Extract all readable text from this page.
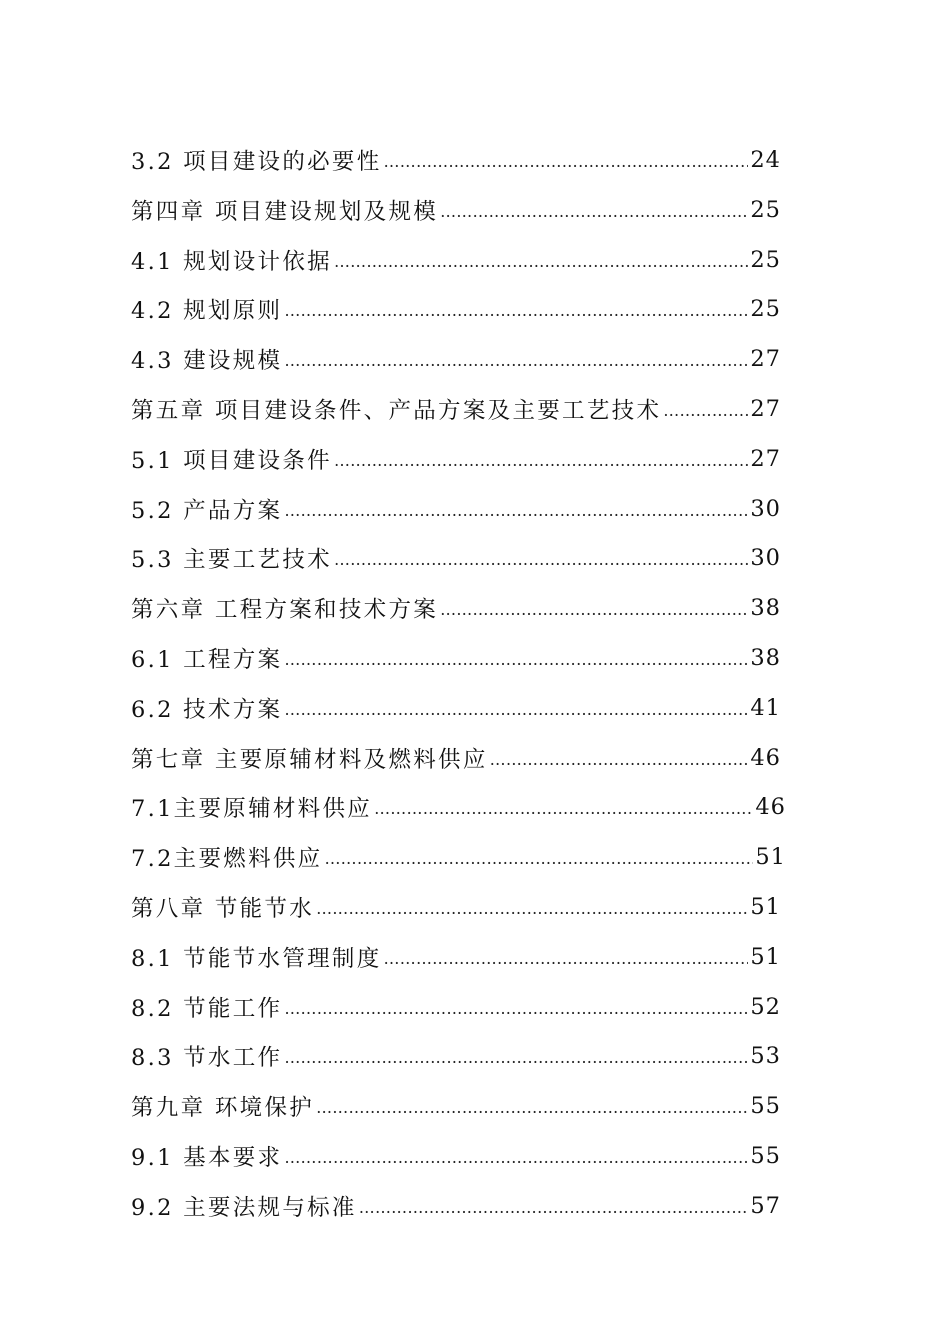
3.2 项目建设的必要性 …………………………………………………………………………………………………………………………………………………………………………	24
第四章 项目建设规划及规模 …………………………………………………………………………………………………………………………………………………………………………	25
4.1 规划设计依据 …………………………………………………………………………………………………………………………………………………………………………	25
4.2 规划原则 …………………………………………………………………………………………………………………………………………………………………………	25
4.3 建设规模 …………………………………………………………………………………………………………………………………………………………………………	27
第五章 项目建设条件、产品方案及主要工艺技术 …………………………………………………………………………………………………………………………………………………………………………	27
5.1 项目建设条件 …………………………………………………………………………………………………………………………………………………………………………	27
5.2 产品方案 …………………………………………………………………………………………………………………………………………………………………………	30
5.3 主要工艺技术 …………………………………………………………………………………………………………………………………………………………………………	30
第六章 工程方案和技术方案 …………………………………………………………………………………………………………………………………………………………………………	38
6.1 工程方案 …………………………………………………………………………………………………………………………………………………………………………	38
6.2 技术方案 …………………………………………………………………………………………………………………………………………………………………………	41
第七章 主要原辅材料及燃料供应 …………………………………………………………………………………………………………………………………………………………………………	46
7.1主要原辅材料供应 …………………………………………………………………………………………………………………………………………………………………………	46
7.2主要燃料供应 …………………………………………………………………………………………………………………………………………………………………………	51
第八章 节能节水 …………………………………………………………………………………………………………………………………………………………………………	51
8.1 节能节水管理制度 …………………………………………………………………………………………………………………………………………………………………………	51
8.2 节能工作 …………………………………………………………………………………………………………………………………………………………………………	52
8.3 节水工作 …………………………………………………………………………………………………………………………………………………………………………	53
第九章 环境保护 …………………………………………………………………………………………………………………………………………………………………………	55
9.1 基本要求 …………………………………………………………………………………………………………………………………………………………………………	55
9.2 主要法规与标准 …………………………………………………………………………………………………………………………………………………………………………	57
